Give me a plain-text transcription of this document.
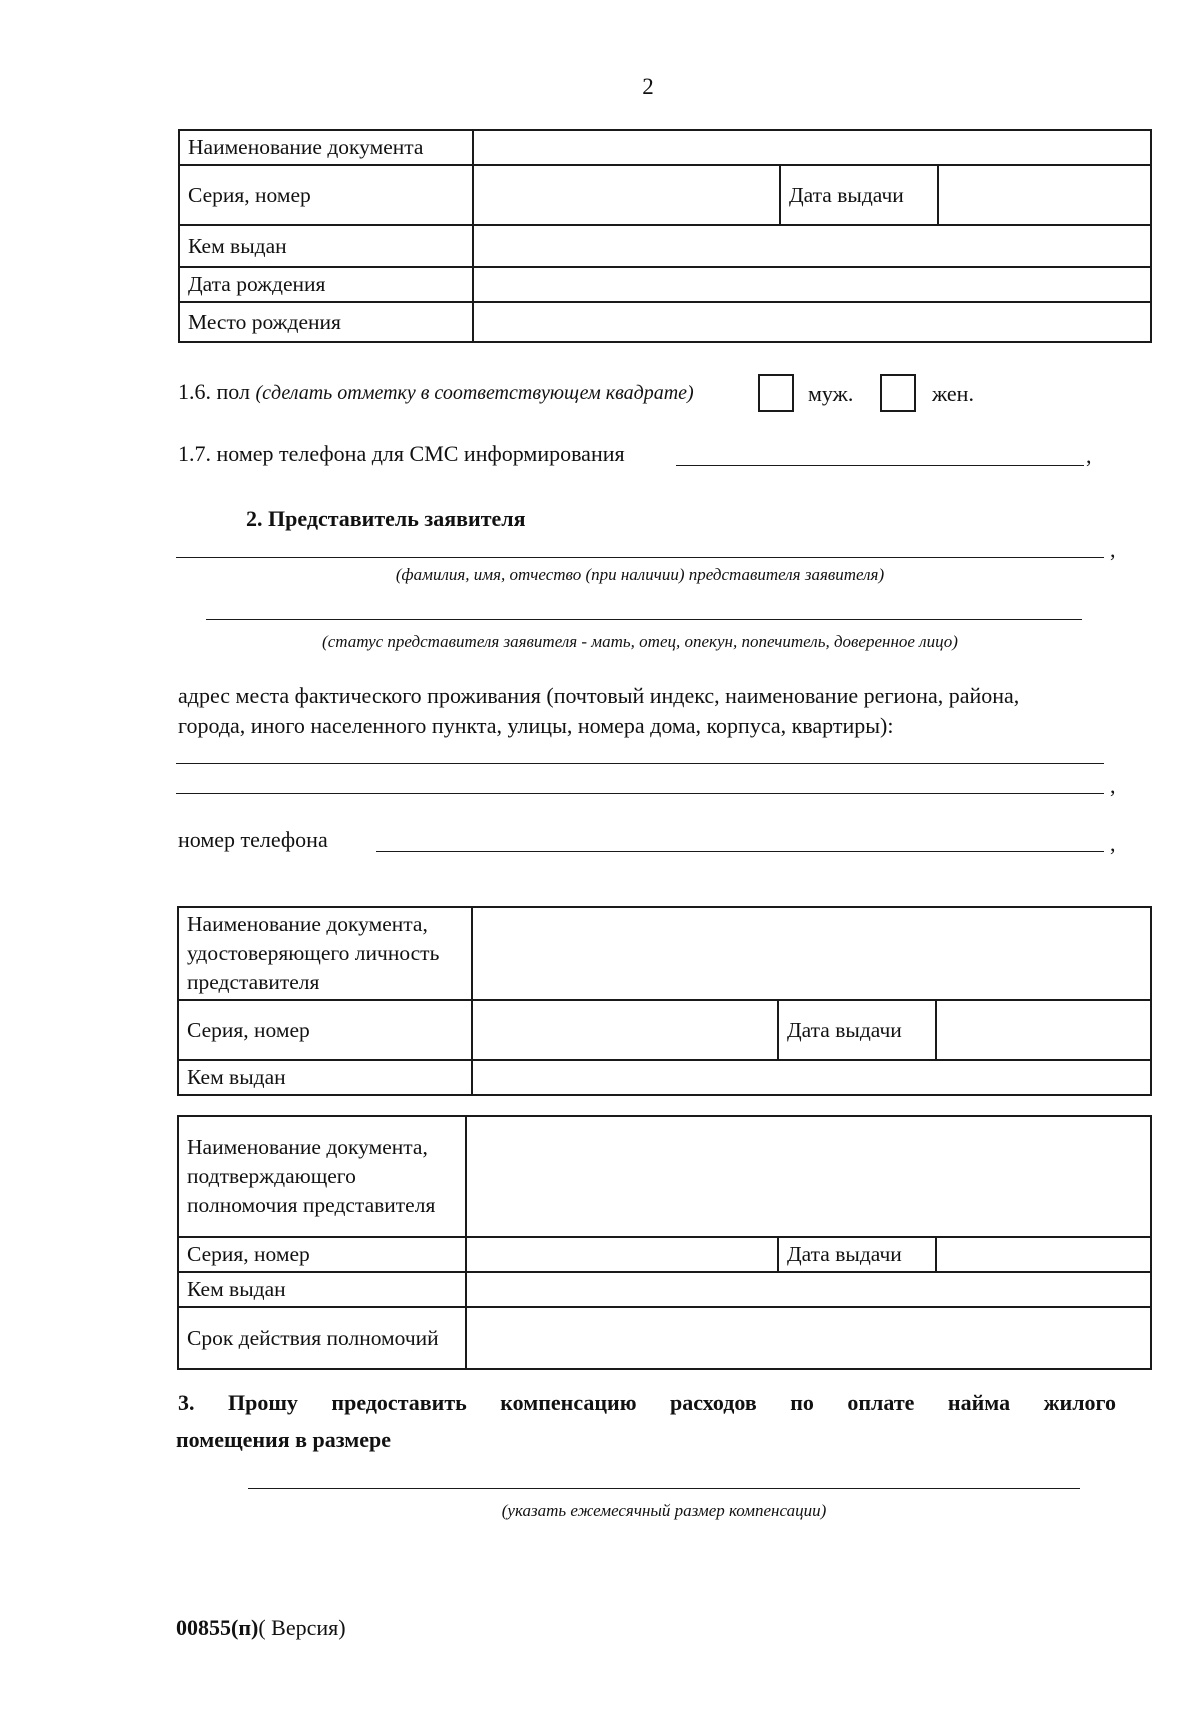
2
Наименование документа			
Серия, номер		Дата выдачи	
Кем выдан			
Дата рождения			
Место рождения			
1.6. пол (сделать отметку в соответствующем квадрате)	муж.	жен.
1.7. номер телефона для СМС информирования	,
2. Представитель заявителя
,
(фамилия, имя, отчество (при наличии) представителя заявителя)
(статус представителя заявителя - мать, отец, опекун, попечитель, доверенное лицо)
адрес места фактического проживания (почтовый индекс, наименование региона, района,
города, иного населенного пункта, улицы, номера дома, корпуса, квартиры):
,
номер телефона	,
Наименование документа, удостоверяющего личность представителя			
Серия, номер		Дата выдачи	
Кем выдан			
Наименование документа, подтверждающего полномочия представителя			
Серия, номер		Дата выдачи	
Кем выдан			
Срок действия полномочий			
3. Прошу предоставить компенсацию расходов по оплате найма жилого
помещения в размере
(указать ежемесячный размер компенсации)
00855(п)( Версия)
